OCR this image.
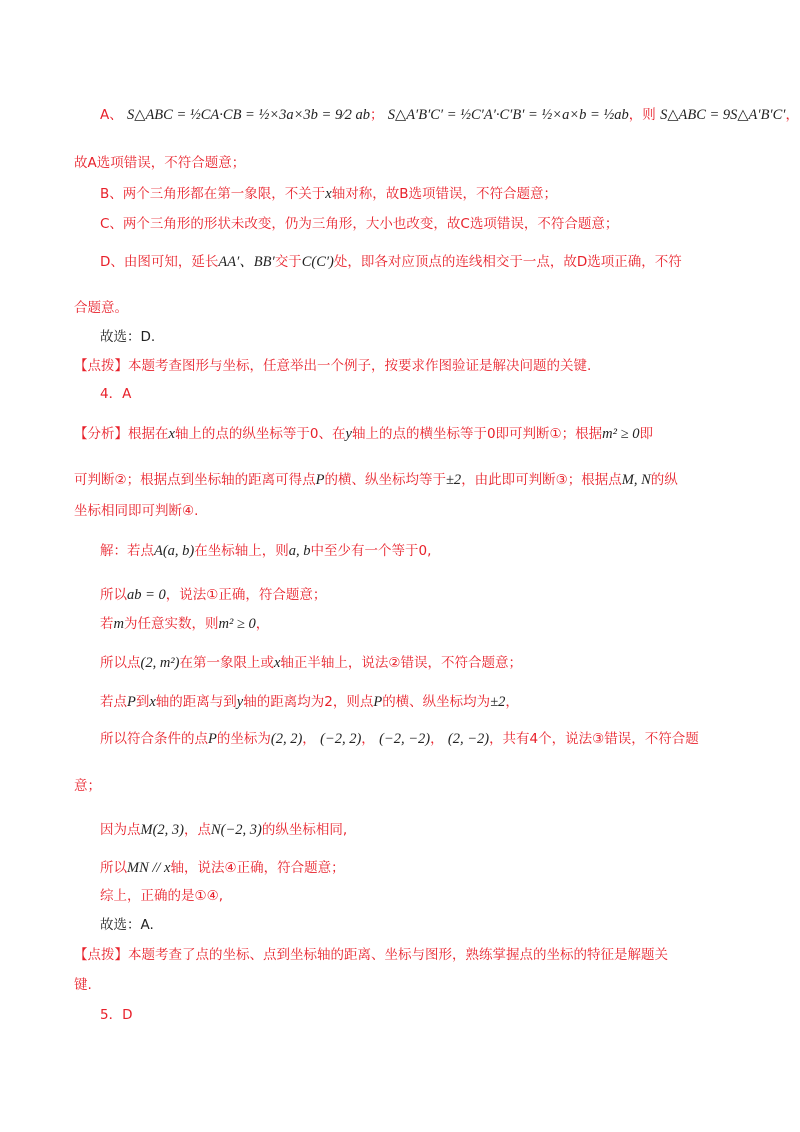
A、 S△ABC = ½CA·CB = ½×3a×3b = 9⁄2 ab； S△A′B′C′ = ½C′A′·C′B′ = ½×a×b = ½ab，则 S△ABC = 9S△A′B′C′，
故A选项错误，不符合题意；
B、两个三角形都在第一象限，不关于x轴对称，故B选项错误，不符合题意；
C、两个三角形的形状未改变，仍为三角形，大小也改变，故C选项错误，不符合题意；
D、由图可知，延长AA′、BB′交于C(C′)处，即各对应顶点的连线相交于一点，故D选项正确，不符
合题意。
故选：D.
【点拨】本题考查图形与坐标，任意举出一个例子，按要求作图验证是解决问题的关键.
4．A
【分析】根据在x轴上的点的纵坐标等于0、在y轴上的点的横坐标等于0即可判断①；根据m² ≥ 0即
可判断②；根据点到坐标轴的距离可得点P的横、纵坐标均等于±2，由此即可判断③；根据点M, N的纵
坐标相同即可判断④.
解：若点A(a, b)在坐标轴上，则a, b中至少有一个等于0,
所以ab = 0，说法①正确，符合题意；
若m为任意实数，则m² ≥ 0，
所以点(2, m²)在第一象限上或x轴正半轴上，说法②错误，不符合题意；
若点P到x轴的距离与到y轴的距离均为2，则点P的横、纵坐标均为±2，
所以符合条件的点P的坐标为(2, 2)， (−2, 2)， (−2, −2)， (2, −2)，共有4个，说法③错误，不符合题
意；
因为点M(2, 3)，点N(−2, 3)的纵坐标相同,
所以MN // x轴，说法④正确，符合题意；
综上，正确的是①④,
故选：A.
【点拨】本题考查了点的坐标、点到坐标轴的距离、坐标与图形，熟练掌握点的坐标的特征是解题关
键.
5．D
